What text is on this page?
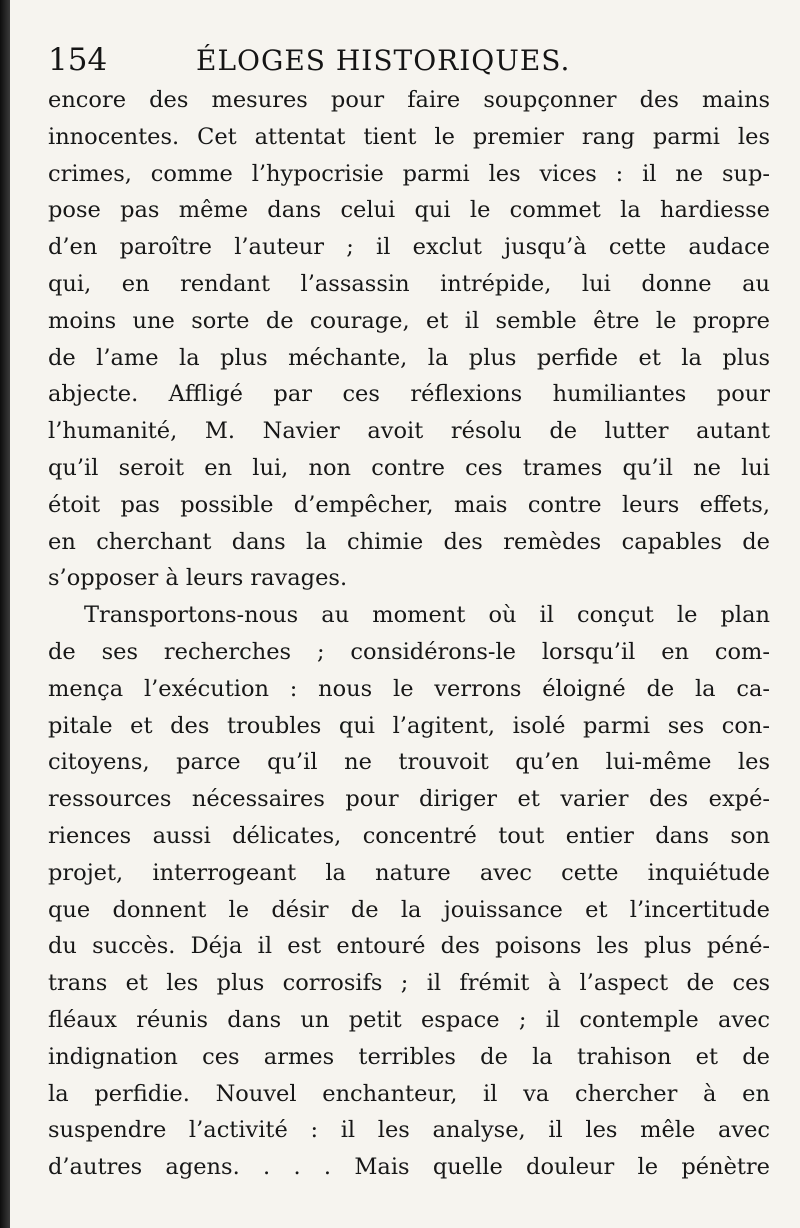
154	ÉLOGES HISTORIQUES.
encore des mesures pour faire soupçonner des mains
innocentes. Cet attentat tient le premier rang parmi les
crimes, comme l’hypocrisie parmi les vices : il ne sup-
pose pas même dans celui qui le commet la hardiesse
d’en paroître l’auteur ; il exclut jusqu’à cette audace
qui, en rendant l’assassin intrépide, lui donne au
moins une sorte de courage, et il semble être le propre
de l’ame la plus méchante, la plus perfide et la plus
abjecte. Affligé par ces réflexions humiliantes pour
l’humanité, M. Navier avoit résolu de lutter autant
qu’il seroit en lui, non contre ces trames qu’il ne lui
étoit pas possible d’empêcher, mais contre leurs effets,
en cherchant dans la chimie des remèdes capables de
s’opposer à leurs ravages.
Transportons-nous au moment où il conçut le plan
de ses recherches ; considérons-le lorsqu’il en com-
mença l’exécution : nous le verrons éloigné de la ca-
pitale et des troubles qui l’agitent, isolé parmi ses con-
citoyens, parce qu’il ne trouvoit qu’en lui-même les
ressources nécessaires pour diriger et varier des expé-
riences aussi délicates, concentré tout entier dans son
projet, interrogeant la nature avec cette inquiétude
que donnent le désir de la jouissance et l’incertitude
du succès. Déja il est entouré des poisons les plus péné-
trans et les plus corrosifs ; il frémit à l’aspect de ces
fléaux réunis dans un petit espace ; il contemple avec
indignation ces armes terribles de la trahison et de
la perfidie. Nouvel enchanteur, il va chercher à en
suspendre l’activité : il les analyse, il les mêle avec
d’autres agens. . . . Mais quelle douleur le pénètre
